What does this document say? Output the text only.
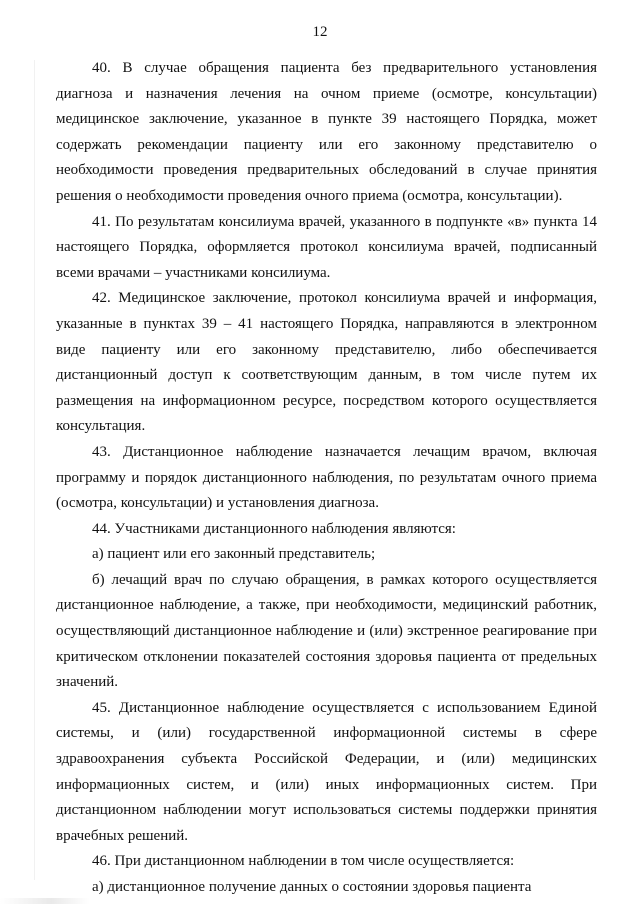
12

40. В случае обращения пациента без предварительного установления диагноза и назначения лечения на очном приеме (осмотре, консультации) медицинское заключение, указанное в пункте 39 настоящего Порядка, может содержать рекомендации пациенту или его законному представителю о необходимости проведения предварительных обследований в случае принятия решения о необходимости проведения очного приема (осмотра, консультации).

41. По результатам консилиума врачей, указанного в подпункте «в» пункта 14 настоящего Порядка, оформляется протокол консилиума врачей, подписанный всеми врачами – участниками консилиума.

42. Медицинское заключение, протокол консилиума врачей и информация, указанные в пунктах 39 – 41 настоящего Порядка, направляются в электронном виде пациенту или его законному представителю, либо обеспечивается дистанционный доступ к соответствующим данным, в том числе путем их размещения на информационном ресурсе, посредством которого осуществляется консультация.

43. Дистанционное наблюдение назначается лечащим врачом, включая программу и порядок дистанционного наблюдения, по результатам очного приема (осмотра, консультации) и установления диагноза.

44. Участниками дистанционного наблюдения являются:

а) пациент или его законный представитель;

б) лечащий врач по случаю обращения, в рамках которого осуществляется дистанционное наблюдение, а также, при необходимости, медицинский работник, осуществляющий дистанционное наблюдение и (или) экстренное реагирование при критическом отклонении показателей состояния здоровья пациента от предельных значений.

45. Дистанционное наблюдение осуществляется с использованием Единой системы, и (или) государственной информационной системы в сфере здравоохранения субъекта Российской Федерации, и (или) медицинских информационных систем, и (или) иных информационных систем. При дистанционном наблюдении могут использоваться системы поддержки принятия врачебных решений.

46. При дистанционном наблюдении в том числе осуществляется:

а) дистанционное получение данных о состоянии здоровья пациента
